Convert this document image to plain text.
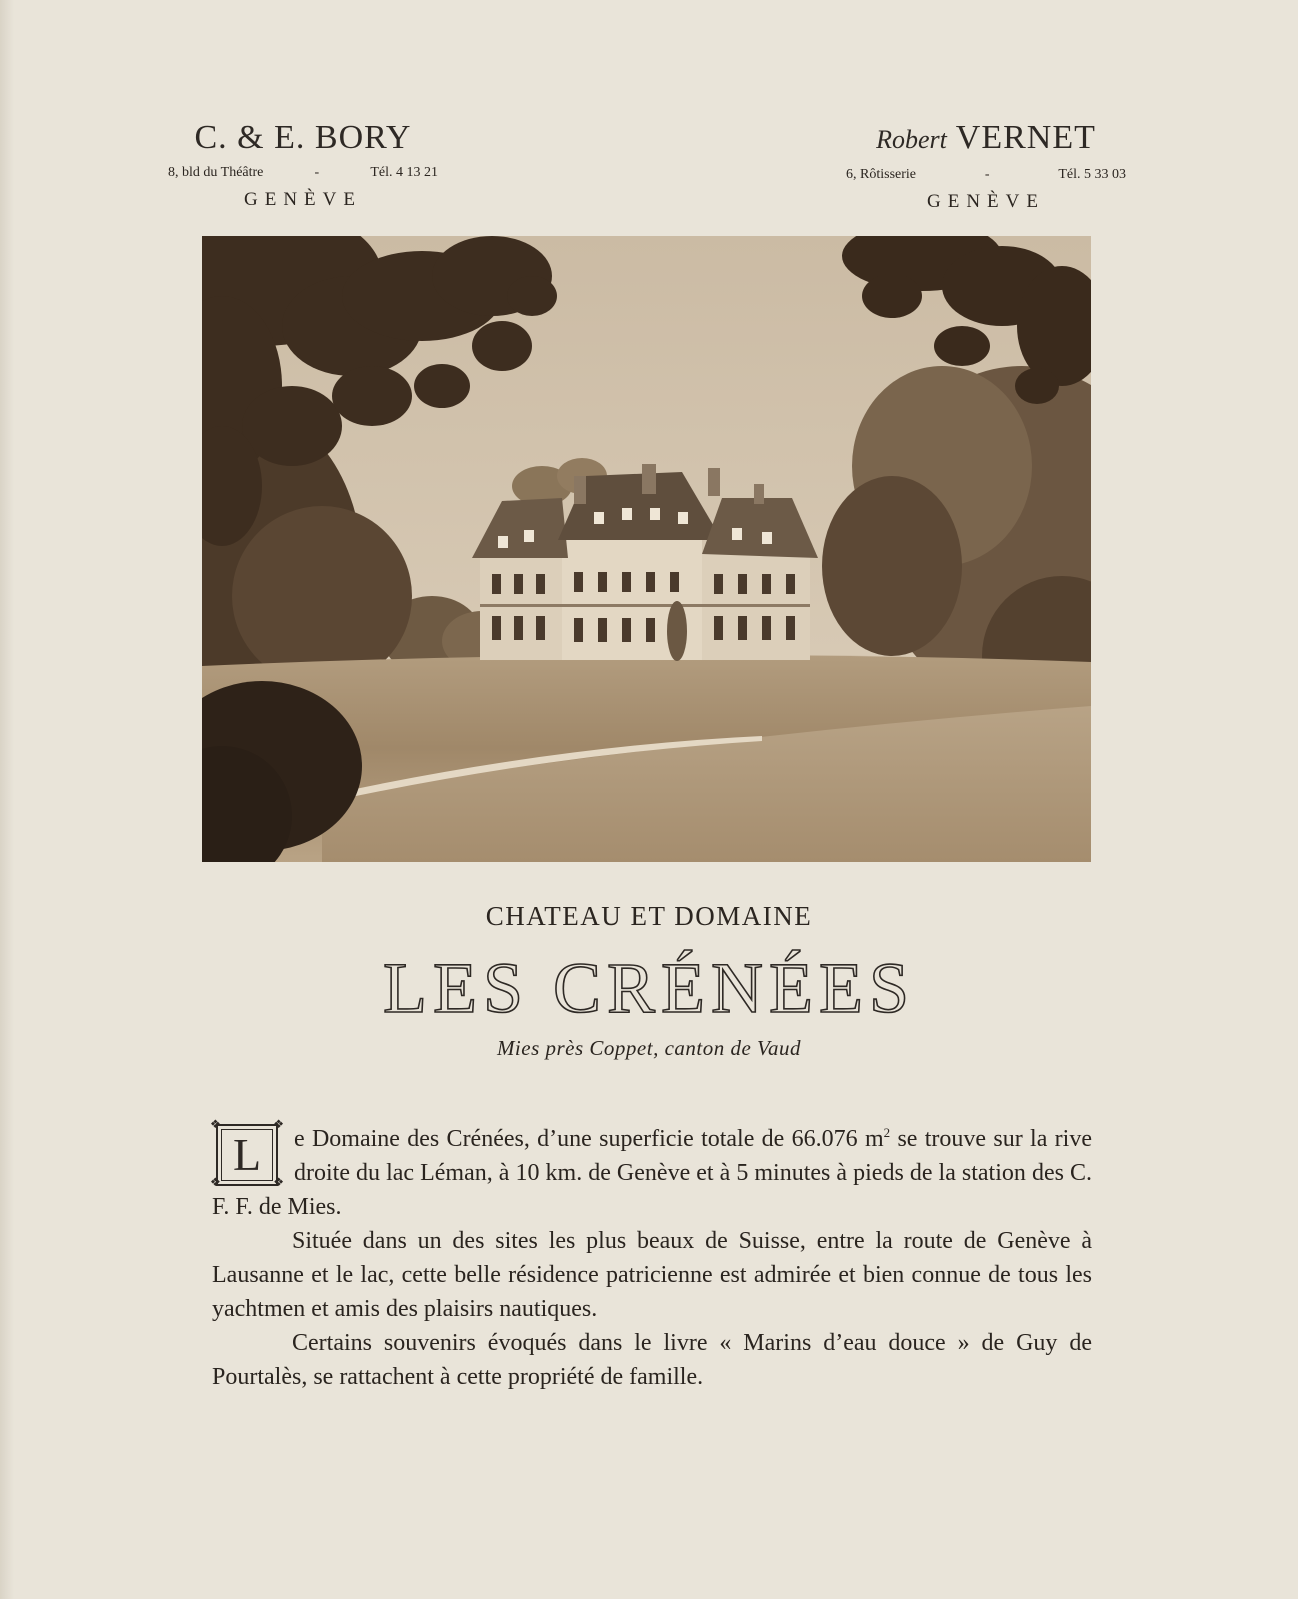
C. & E. BORY
8, bld du Théâtre	-	Tél. 4 13 21
GENÈVE
Robert VERNET
6, Rôtisserie	-	Tél. 5 33 03
GENÈVE
CHATEAU ET DOMAINE
LES CRÉNÉES
Mies près Coppet, canton de Vaud
❖	❖
❖	❖
L	e Domaine des Crénées, d’une superficie totale de 66.076 $m^2$ se trouve sur la rive droite du lac Léman, à 10 km. de Genève et à 5 minutes à pieds de la station des C. F. F. de Mies.

Située dans un des sites les plus beaux de Suisse, entre la route de Genève à Lausanne et le lac, cette belle résidence patricienne est admirée et bien connue de tous les yachtmen et amis des plaisirs nautiques.

Certains souvenirs évoqués dans le livre « Marins d’eau douce » de Guy de Pourtalès, se rattachent à cette propriété de famille.
